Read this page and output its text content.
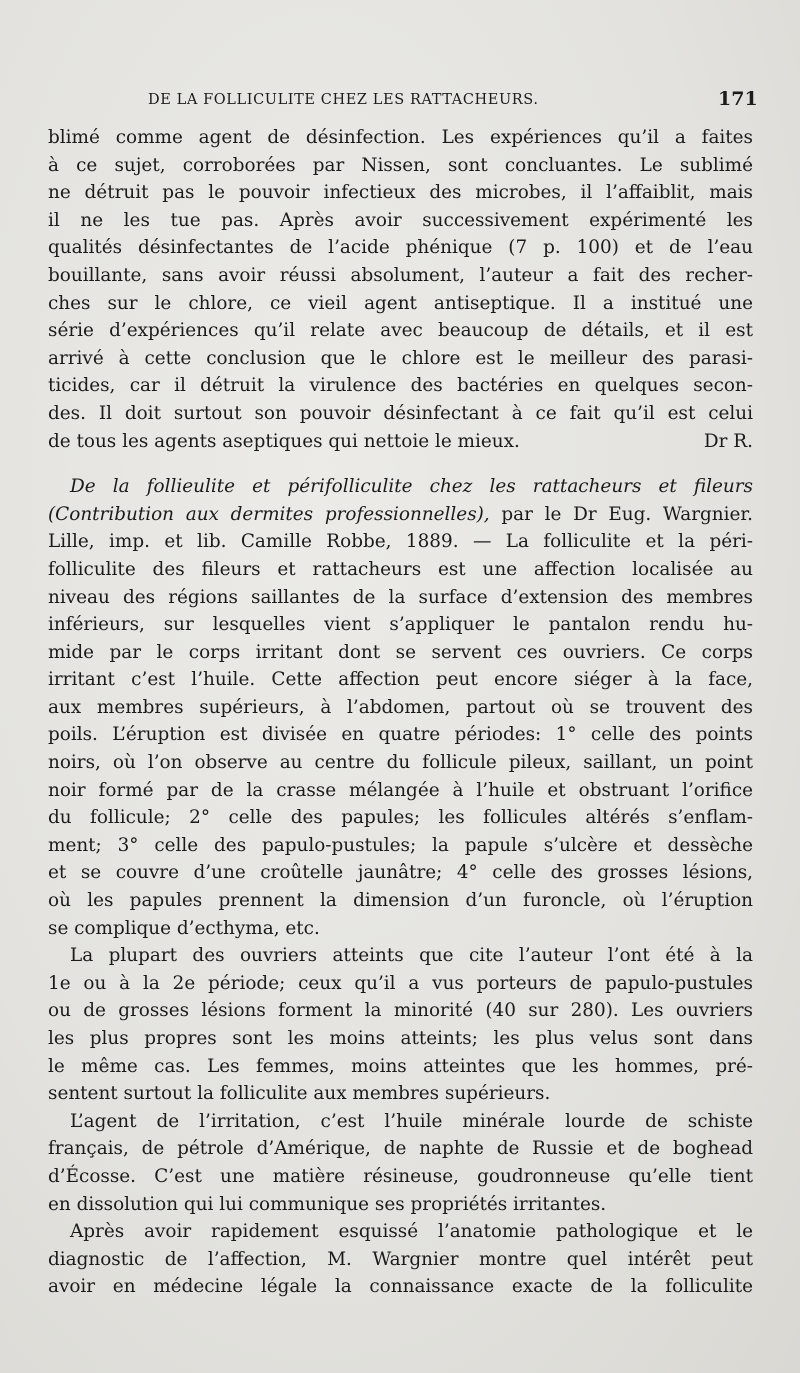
DE LA FOLLICULITE CHEZ LES RATTACHEURS.	171
blimé comme agent de désinfection. Les expériences qu’il a faites
à ce sujet, corroborées par Nissen, sont concluantes. Le sublimé
ne détruit pas le pouvoir infectieux des microbes, il l’affaiblit, mais
il ne les tue pas. Après avoir successivement expérimenté les
qualités désinfectantes de l’acide phénique (7 p. 100) et de l’eau
bouillante, sans avoir réussi absolument, l’auteur a fait des recher-
ches sur le chlore, ce vieil agent antiseptique. Il a institué une
série d’expériences qu’il relate avec beaucoup de détails, et il est
arrivé à cette conclusion que le chlore est le meilleur des parasi-
ticides, car il détruit la virulence des bactéries en quelques secon-
des. Il doit surtout son pouvoir désinfectant à ce fait qu’il est celui
de tous les agents aseptiques qui nettoie le mieux.	Dr R.
De la follieulite et périfolliculite chez les rattacheurs et fileurs
(Contribution aux dermites professionnelles), par le Dr Eug. Wargnier.
Lille, imp. et lib. Camille Robbe, 1889. — La folliculite et la péri-
folliculite des fileurs et rattacheurs est une affection localisée au
niveau des régions saillantes de la surface d’extension des membres
inférieurs, sur lesquelles vient s’appliquer le pantalon rendu hu-
mide par le corps irritant dont se servent ces ouvriers. Ce corps
irritant c’est l’huile. Cette affection peut encore siéger à la face,
aux membres supérieurs, à l’abdomen, partout où se trouvent des
poils. L’éruption est divisée en quatre périodes: 1° celle des points
noirs, où l’on observe au centre du follicule pileux, saillant, un point
noir formé par de la crasse mélangée à l’huile et obstruant l’orifice
du follicule; 2° celle des papules; les follicules altérés s’enflam-
ment; 3° celle des papulo-pustules; la papule s’ulcère et dessèche
et se couvre d’une croûtelle jaunâtre; 4° celle des grosses lésions,
où les papules prennent la dimension d’un furoncle, où l’éruption
se complique d’ecthyma, etc.
La plupart des ouvriers atteints que cite l’auteur l’ont été à la
1e ou à la 2e période; ceux qu’il a vus porteurs de papulo-pustules
ou de grosses lésions forment la minorité (40 sur 280). Les ouvriers
les plus propres sont les moins atteints; les plus velus sont dans
le même cas. Les femmes, moins atteintes que les hommes, pré-
sentent surtout la folliculite aux membres supérieurs.
L’agent de l’irritation, c’est l’huile minérale lourde de schiste
français, de pétrole d’Amérique, de naphte de Russie et de boghead
d’Écosse. C’est une matière résineuse, goudronneuse qu’elle tient
en dissolution qui lui communique ses propriétés irritantes.
Après avoir rapidement esquissé l’anatomie pathologique et le
diagnostic de l’affection, M. Wargnier montre quel intérêt peut
avoir en médecine légale la connaissance exacte de la folliculite
